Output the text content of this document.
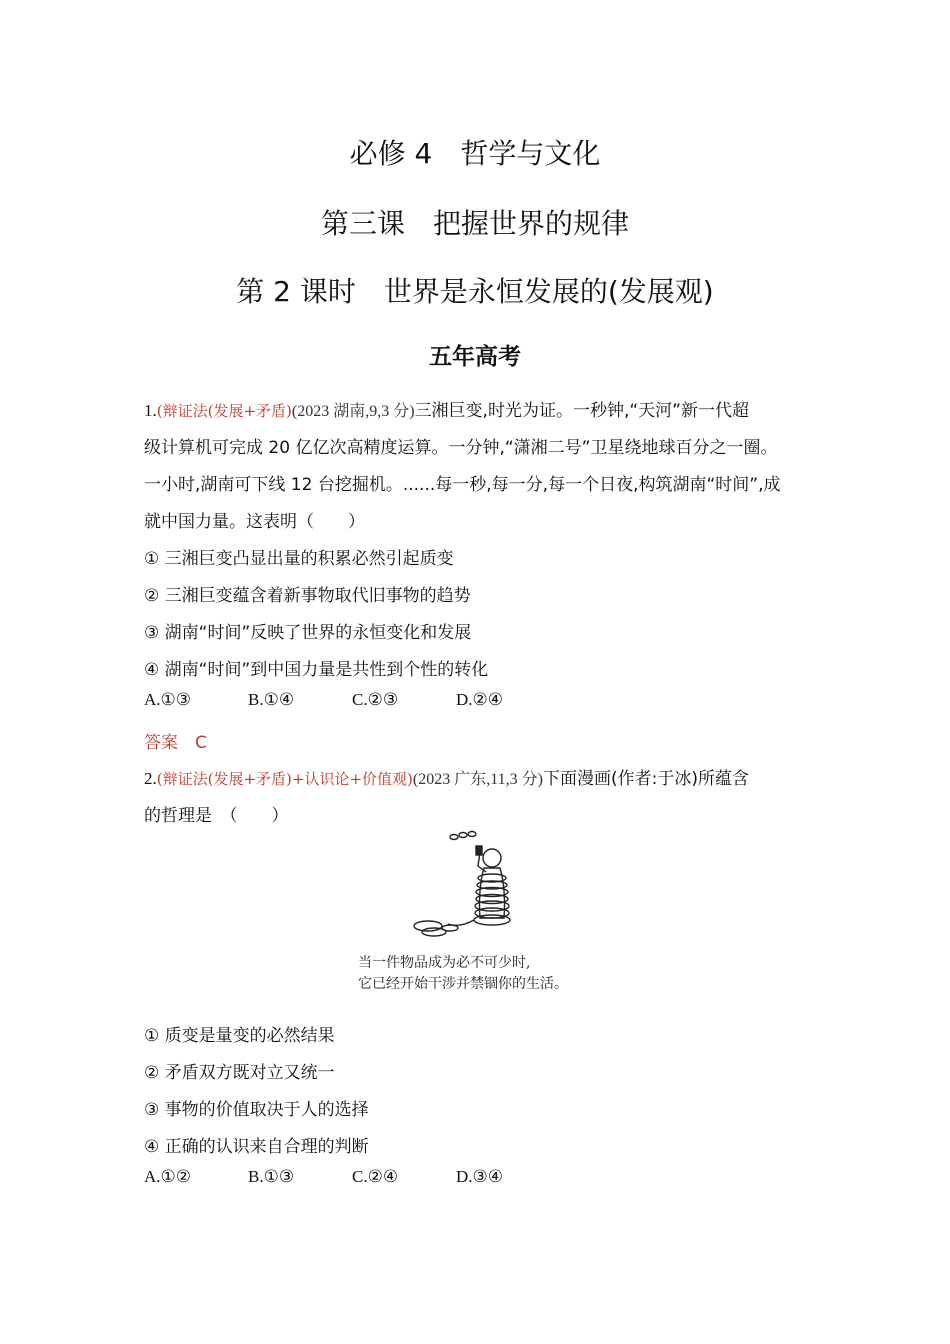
必修 4　哲学与文化
第三课　把握世界的规律
第 2 课时　世界是永恒发展的(发展观)
五年高考
1.(辩证法(发展+矛盾)(2023 湖南,9,3 分)三湘巨变,时光为证。一秒钟,“天河”新一代超
级计算机可完成 20 亿亿次高精度运算。一分钟,“潇湘二号”卫星绕地球百分之一圈。
一小时,湖南可下线 12 台挖掘机。......每一秒,每一分,每一个日夜,构筑湖南“时间”,成
就中国力量。这表明（　　）
① 三湘巨变凸显出量的积累必然引起质变
② 三湘巨变蕴含着新事物取代旧事物的趋势
③ 湖南“时间”反映了世界的永恒变化和发展
④ 湖南“时间”到中国力量是共性到个性的转化
A.①③	B.①④	C.②③	D.②④
答案　C
2.(辩证法(发展+矛盾)+认识论+价值观)(2023 广东,11,3 分)下面漫画(作者:于冰)所蕴含
的哲理是　（　　）
当一件物品成为必不可少时,
它已经开始干涉并禁锢你的生活。
① 质变是量变的必然结果
② 矛盾双方既对立又统一
③ 事物的价值取决于人的选择
④ 正确的认识来自合理的判断
A.①②	B.①③	C.②④	D.③④
